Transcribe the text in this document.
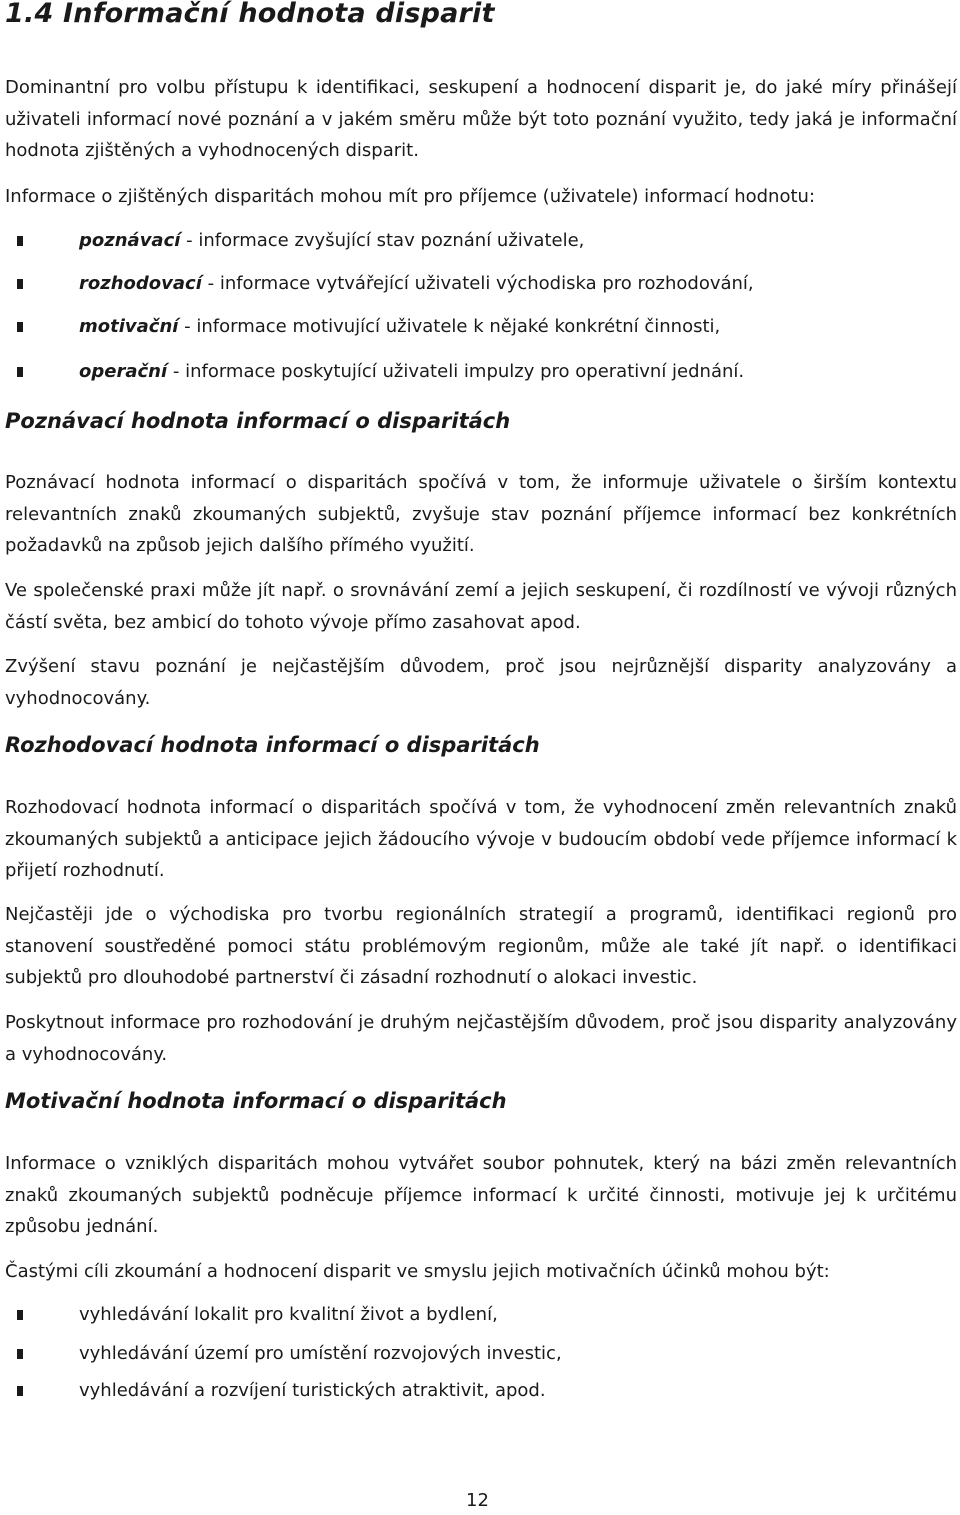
1.4 Informační hodnota disparit

Dominantní pro volbu přístupu k identifikaci, seskupení a hodnocení disparit je, do jaké míry přinášejí uživateli informací nové poznání a v jakém směru může být toto poznání využito, tedy jaká je informační hodnota zjištěných a vyhodnocených disparit.

Informace o zjištěných disparitách mohou mít pro příjemce (uživatele) informací hodnotu:

poznávací - informace zvyšující stav poznání uživatele,
rozhodovací - informace vytvářející uživateli východiska pro rozhodování,
motivační - informace motivující uživatele k nějaké konkrétní činnosti,
operační - informace poskytující uživateli impulzy pro operativní jednání.
Poznávací hodnota informací o disparitách

Poznávací hodnota informací o disparitách spočívá v tom, že informuje uživatele o širším kontextu relevantních znaků zkoumaných subjektů, zvyšuje stav poznání příjemce informací bez konkrétních požadavků na způsob jejich dalšího přímého využití.

Ve společenské praxi může jít např. o srovnávání zemí a jejich seskupení, či rozdílností ve vývoji různých částí světa, bez ambicí do tohoto vývoje přímo zasahovat apod.

Zvýšení stavu poznání je nejčastějším důvodem, proč jsou nejrůznější disparity analyzovány a vyhodnocovány.

Rozhodovací hodnota informací o disparitách

Rozhodovací hodnota informací o disparitách spočívá v tom, že vyhodnocení změn relevantních znaků zkoumaných subjektů a anticipace jejich žádoucího vývoje v budoucím období vede příjemce informací k přijetí rozhodnutí.

Nejčastěji jde o východiska pro tvorbu regionálních strategií a programů, identifikaci regionů pro stanovení soustředěné pomoci státu problémovým regionům, může ale také jít např. o identifikaci subjektů pro dlouhodobé partnerství či zásadní rozhodnutí o alokaci investic.

Poskytnout informace pro rozhodování je druhým nejčastějším důvodem, proč jsou disparity analyzovány a vyhodnocovány.

Motivační hodnota informací o disparitách

Informace o vzniklých disparitách mohou vytvářet soubor pohnutek, který na bázi změn relevantních znaků zkoumaných subjektů podněcuje příjemce informací k určité činnosti, motivuje jej k určitému způsobu jednání.

Častými cíli zkoumání a hodnocení disparit ve smyslu jejich motivačních účinků mohou být:

vyhledávání lokalit pro kvalitní život a bydlení,
vyhledávání území pro umístění rozvojových investic,
vyhledávání a rozvíjení turistických atraktivit, apod.
12
